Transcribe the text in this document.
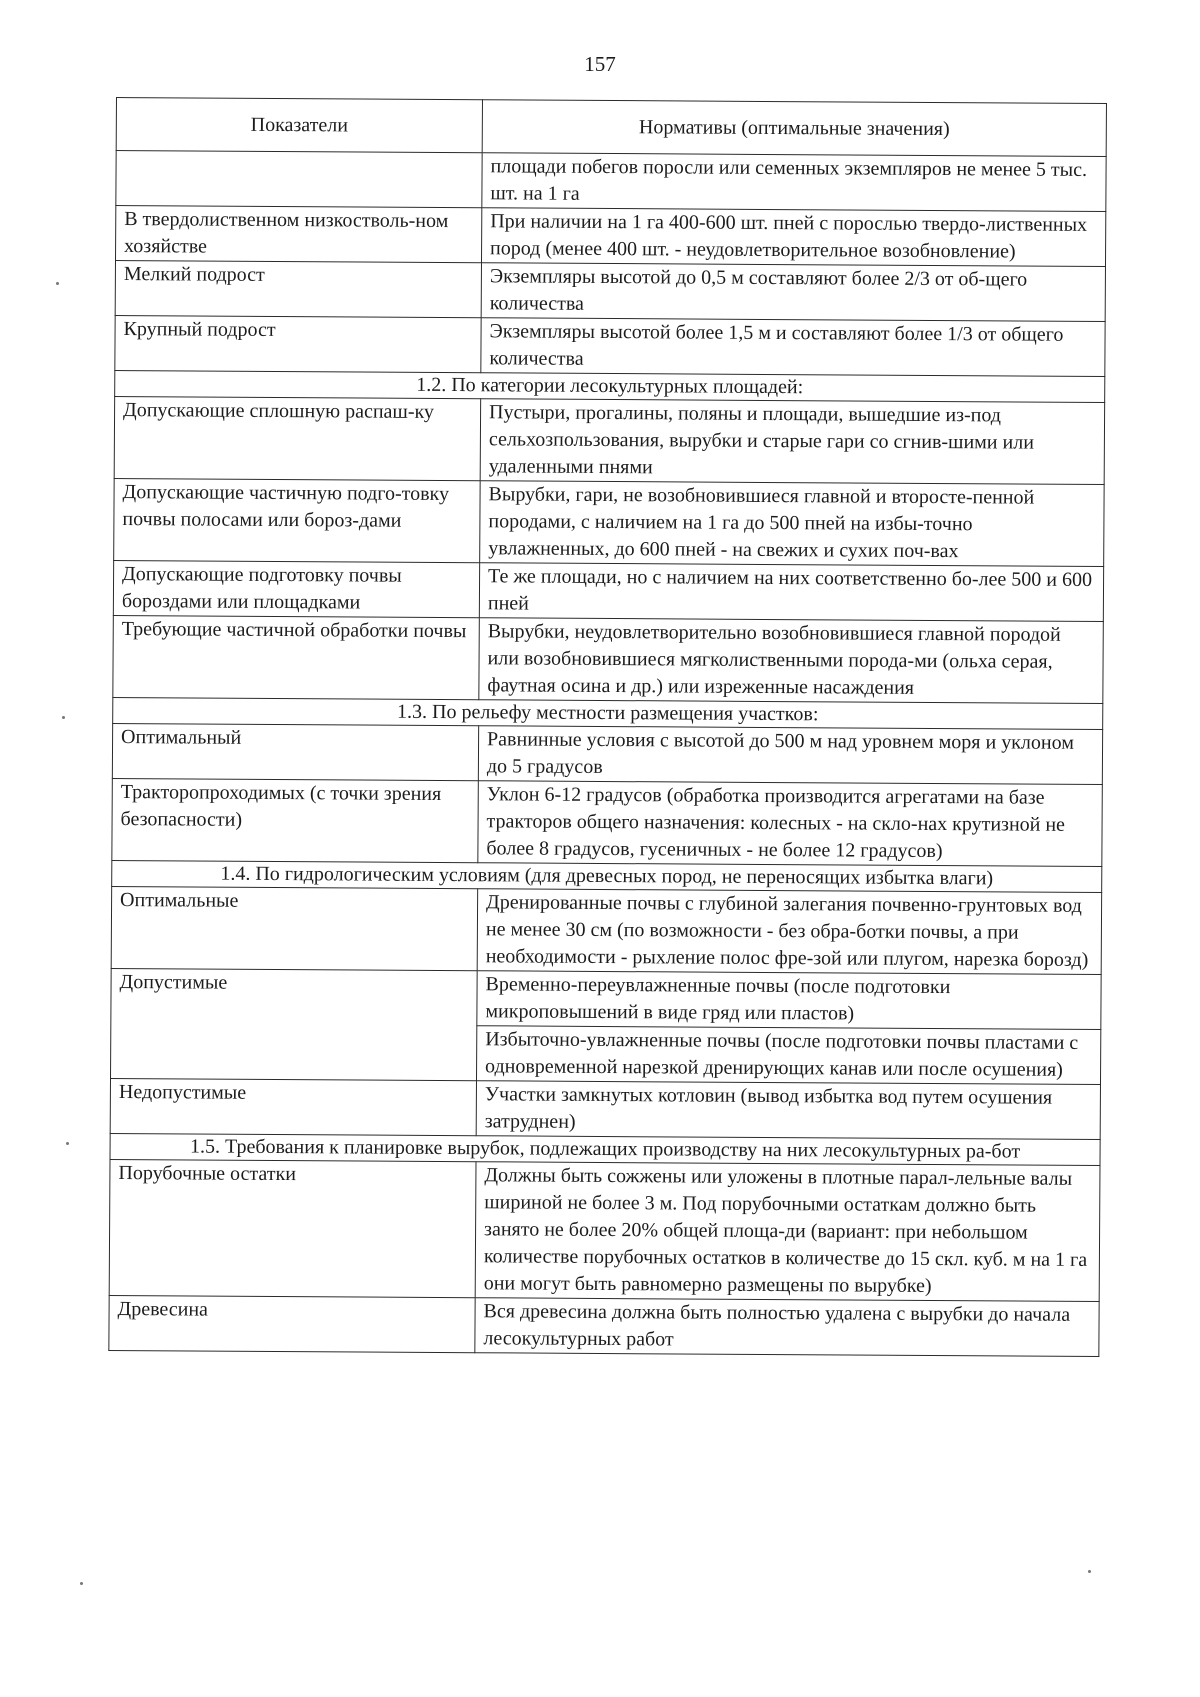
157
Показатели	Нормативы (оптимальные значения)
	площади побегов поросли или семенных экземпляров не менее 5 тыс. шт. на 1 га
В твердолиственном низкостволь-ном хозяйстве	При наличии на 1 га 400-600 шт. пней с порослью твердо-лиственных пород (менее 400 шт. - неудовлетворительное возобновление)
Мелкий подрост	Экземпляры высотой до 0,5 м составляют более 2/3 от об-щего количества
Крупный подрост	Экземпляры высотой более 1,5 м и составляют более 1/3 от общего количества
1.2. По категории лесокультурных площадей:	
Допускающие сплошную распаш-ку	Пустыри, прогалины, поляны и площади, вышедшие из-под сельхозпользования, вырубки и старые гари со сгнив-шими или удаленными пнями
Допускающие частичную подго-товку почвы полосами или бороз-дами	Вырубки, гари, не возобновившиеся главной и второсте-пенной породами, с наличием на 1 га до 500 пней на избы-точно увлажненных, до 600 пней - на свежих и сухих поч-вах
Допускающие подготовку почвы бороздами или площадками	Те же площади, но с наличием на них соответственно бо-лее 500 и 600 пней
Требующие частичной обработки почвы	Вырубки, неудовлетворительно возобновившиеся главной породой или возобновившиеся мягколиственными порода-ми (ольха серая, фаутная осина и др.) или изреженные насаждения
1.3. По рельефу местности размещения участков:	
Оптимальный	Равнинные условия с высотой до 500 м над уровнем моря и уклоном до 5 градусов
Тракторопроходимых (с точки зрения безопасности)	Уклон 6-12 градусов (обработка производится агрегатами на базе тракторов общего назначения: колесных - на скло-нах крутизной не более 8 градусов, гусеничных - не более 12 градусов)
1.4. По гидрологическим условиям (для древесных пород, не переносящих избытка влаги)	
Оптимальные	Дренированные почвы с глубиной залегания почвенно-грунтовых вод не менее 30 см (по возможности - без обра-ботки почвы, а при необходимости - рыхление полос фре-зой или плугом, нарезка борозд)
Допустимые	Временно-переувлажненные почвы (после подготовки микроповышений в виде гряд или пластов)
	Избыточно-увлажненные почвы (после подготовки почвы пластами с одновременной нарезкой дренирующих канав или после осушения)
Недопустимые	Участки замкнутых котловин (вывод избытка вод путем осушения затруднен)
1.5. Требования к планировке вырубок, подлежащих производству на них лесокультурных ра-бот	
Порубочные остатки	Должны быть сожжены или уложены в плотные парал-лельные валы шириной не более 3 м. Под порубочными остаткам должно быть занято не более 20% общей площа-ди (вариант: при небольшом количестве порубочных остатков в количестве до 15 скл. куб. м на 1 га они могут быть равномерно размещены по вырубке)
Древесина	Вся древесина должна быть полностью удалена с вырубки до начала лесокультурных работ
